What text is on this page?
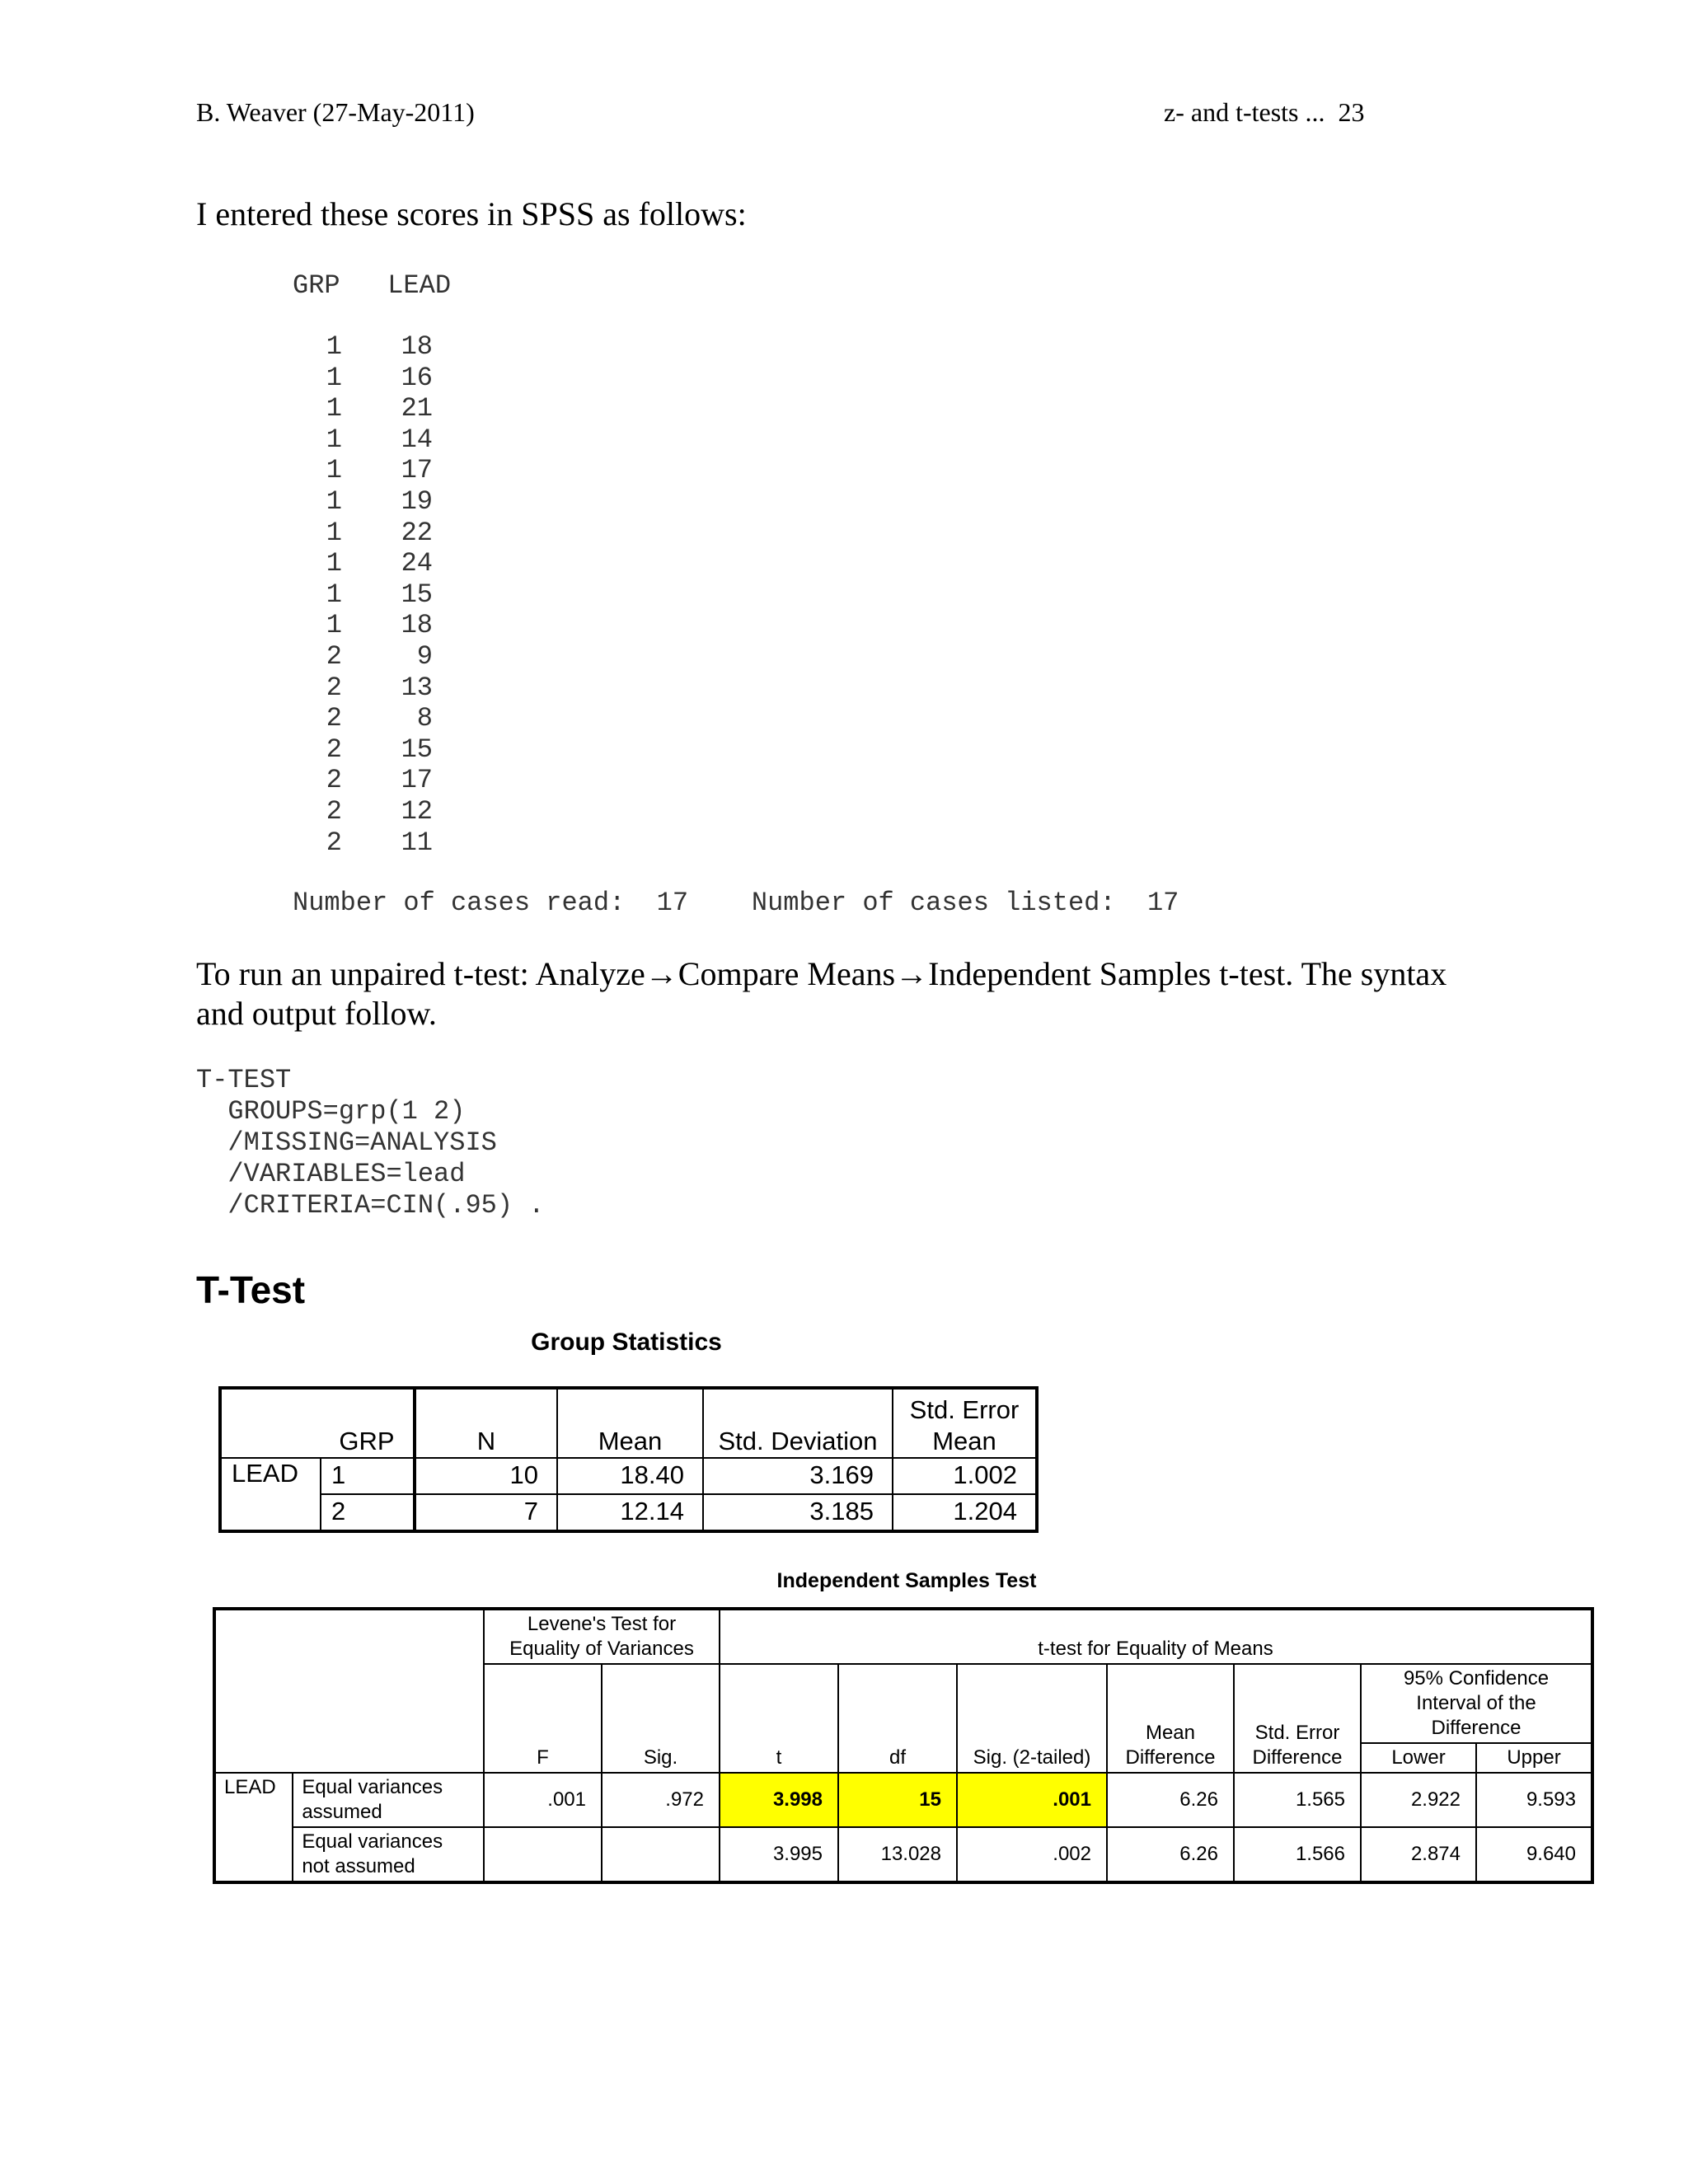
B. Weaver (27-May-2011)	z- and t-tests ...  23
I entered these scores in SPSS as follows:
GRP LEAD
1 18
1 16
1 21
1 14
1 17
1 19
1 22
1 24
1 15
1 18
2	9
2 13
2	8
2 15
2 17
2 12
2 11
Number of cases read:  17    Number of cases listed:  17
To run an unpaired t-test: Analyze→Compare Means→Independent Samples t-test. The syntax
and output follow.
T-TEST
GROUPS=grp(1 2)
/MISSING=ANALYSIS
/VARIABLES=lead
/CRITERIA=CIN(.95) .
T-Test
Group Statistics
	GRP	N	Mean	Std. Deviation	Std. Error
Mean
LEAD	1	10	18.40	3.169	1.002
	2	7	12.14	3.185	1.204
Independent Samples Test
		Levene's Test for Equality of Variances		t-test for Equality of Means						
		F	Sig.	t	df	Sig. (2-tailed)	Mean Difference	Std. Error Difference	95% Confidence Interval of the Difference	
									Lower	Upper
LEAD	Equal variances assumed	.001	.972	3.998	15	.001	6.26	1.565	2.922	9.593
	Equal variances not assumed			3.995	13.028	.002	6.26	1.566	2.874	9.640
